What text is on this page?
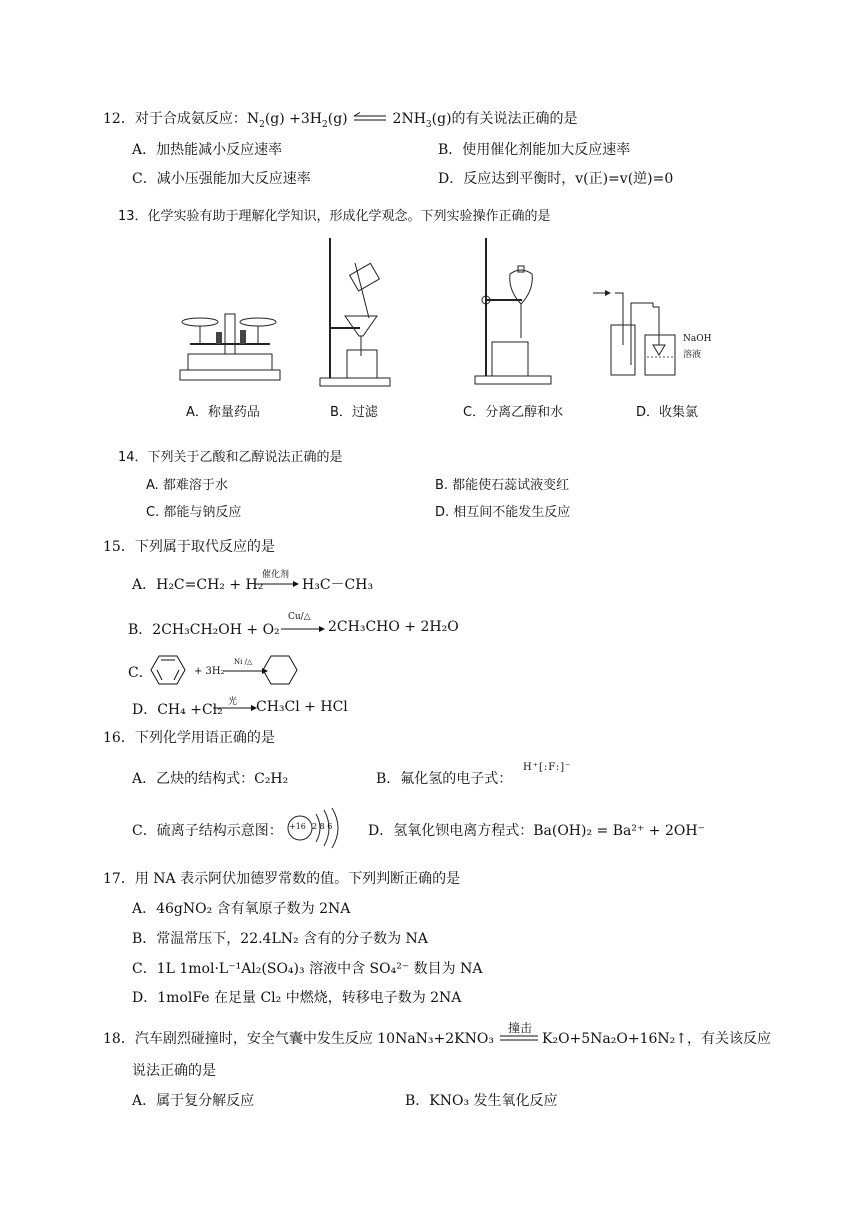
12．对于合成氨反应：$N_2(g) +3H_2(g)$	$2NH_3(g)$的有关说法正确的是
A．加热能减小反应速率	B．使用催化剂能加大反应速率
C．减小压强能加大反应速率	D．反应达到平衡时，v(正)=v(逆)=0
13．化学实验有助于理解化学知识，形成化学观念。下列实验操作正确的是
NaOH
溶液
A．称量药品	B．过滤	C．分离乙醇和水	D．收集氯
14．下列关于乙酸和乙醇说法正确的是
A. 都难溶于水	B. 都能使石蕊试液变红
C. 都能与钠反应	D. 相互间不能发生反应
15．下列属于取代反应的是
A．H₂C=CH₂ + H₂
催化剂
H₃C－CH₃
B．2CH₃CH₂OH + O₂
Cu/△
2CH₃CHO + 2H₂O
C．	+ 3H₂
Ni /△
D．CH₄ +Cl₂ 光 CH₃Cl + HCl
16．下列化学用语正确的是
A．乙炔的结构式：C₂H₂	B．氟化氢的电子式：
H⁺[:F:]⁻
C．硫离子结构示意图： +16 2 8 6	D．氢氧化钡电离方程式：Ba(OH)₂ = Ba²⁺ + 2OH⁻
17．用 NA 表示阿伏加德罗常数的值。下列判断正确的是
A．46gNO₂ 含有氧原子数为 2NA
B．常温常压下，22.4LN₂ 含有的分子数为 NA
C．1L 1mol·L⁻¹Al₂(SO₄)₃ 溶液中含 SO₄²⁻ 数目为 NA
D．1molFe 在足量 Cl₂ 中燃烧，转移电子数为 2NA
18．汽车剧烈碰撞时，安全气囊中发生反应 10NaN₃+2KNO₃
撞击
K₂O+5Na₂O+16N₂↑，有关该反应
说法正确的是
A．属于复分解反应	B．KNO₃ 发生氧化反应
